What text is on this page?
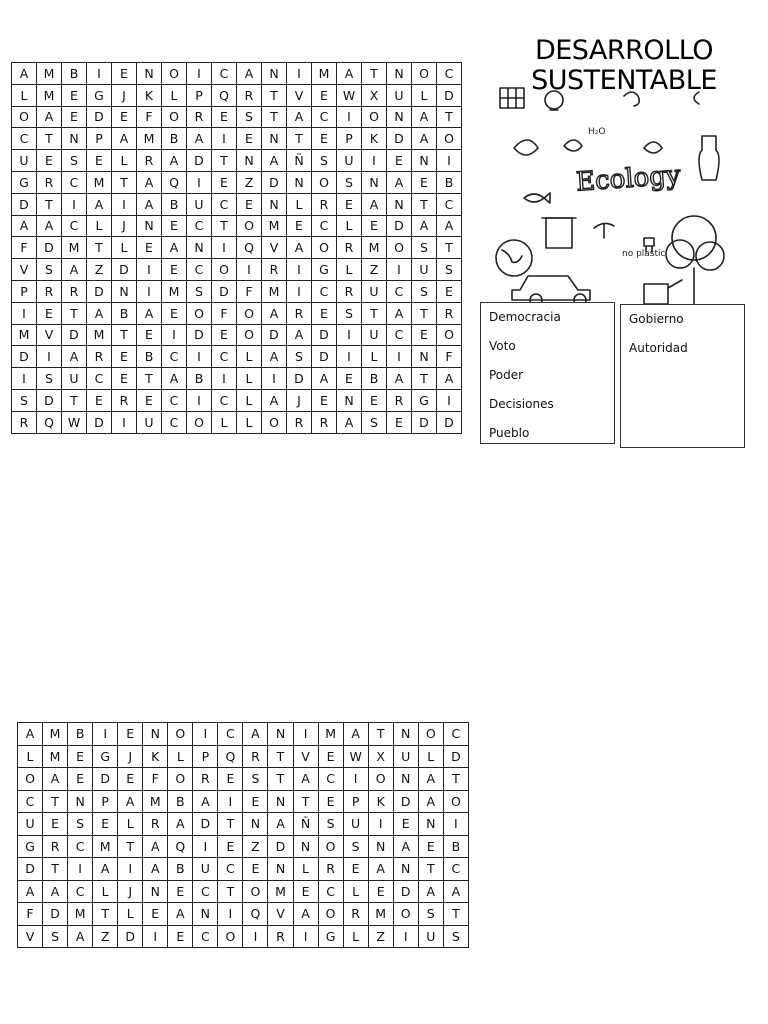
A	M	B	I	E	N	O	I	C	A	N	I	M	A	T	N	O	C
L	M	E	G	J	K	L	P	Q	R	T	V	E	W	X	U	L	D
O	A	E	D	E	F	O	R	E	S	T	A	C	I	O	N	A	T
C	T	N	P	A	M	B	A	I	E	N	T	E	P	K	D	A	O
U	E	S	E	L	R	A	D	T	N	A	Ñ	S	U	I	E	N	I
G	R	C	M	T	A	Q	I	E	Z	D	N	O	S	N	A	E	B
D	T	I	A	I	A	B	U	C	E	N	L	R	E	A	N	T	C
A	A	C	L	J	N	E	C	T	O	M	E	C	L	E	D	A	A
F	D	M	T	L	E	A	N	I	Q	V	A	O	R	M	O	S	T
V	S	A	Z	D	I	E	C	O	I	R	I	G	L	Z	I	U	S
P	R	R	D	N	I	M	S	D	F	M	I	C	R	U	C	S	E
I	E	T	A	B	A	E	O	F	O	A	R	E	S	T	A	T	R
M	V	D	M	T	E	I	D	E	O	D	A	D	I	U	C	E	O
D	I	A	R	E	B	C	I	C	L	A	S	D	I	L	I	N	F
I	S	U	C	E	T	A	B	I	L	I	D	A	E	B	A	T	A
S	D	T	E	R	E	C	I	C	L	A	J	E	N	E	R	G	I
R	Q	W	D	I	U	C	O	L	L	O	R	R	A	S	E	D	D
Ecology
no plastic
H₂O
DESARROLLO
SUSTENTABLE
Democracia
Voto
Poder
Decisiones
Pueblo
Gobierno
Autoridad
A	M	B	I	E	N	O	I	C	A	N	I	M	A	T	N	O	C
L	M	E	G	J	K	L	P	Q	R	T	V	E	W	X	U	L	D
O	A	E	D	E	F	O	R	E	S	T	A	C	I	O	N	A	T
C	T	N	P	A	M	B	A	I	E	N	T	E	P	K	D	A	O
U	E	S	E	L	R	A	D	T	N	A	Ñ	S	U	I	E	N	I
G	R	C	M	T	A	Q	I	E	Z	D	N	O	S	N	A	E	B
D	T	I	A	I	A	B	U	C	E	N	L	R	E	A	N	T	C
A	A	C	L	J	N	E	C	T	O	M	E	C	L	E	D	A	A
F	D	M	T	L	E	A	N	I	Q	V	A	O	R	M	O	S	T
V	S	A	Z	D	I	E	C	O	I	R	I	G	L	Z	I	U	S
